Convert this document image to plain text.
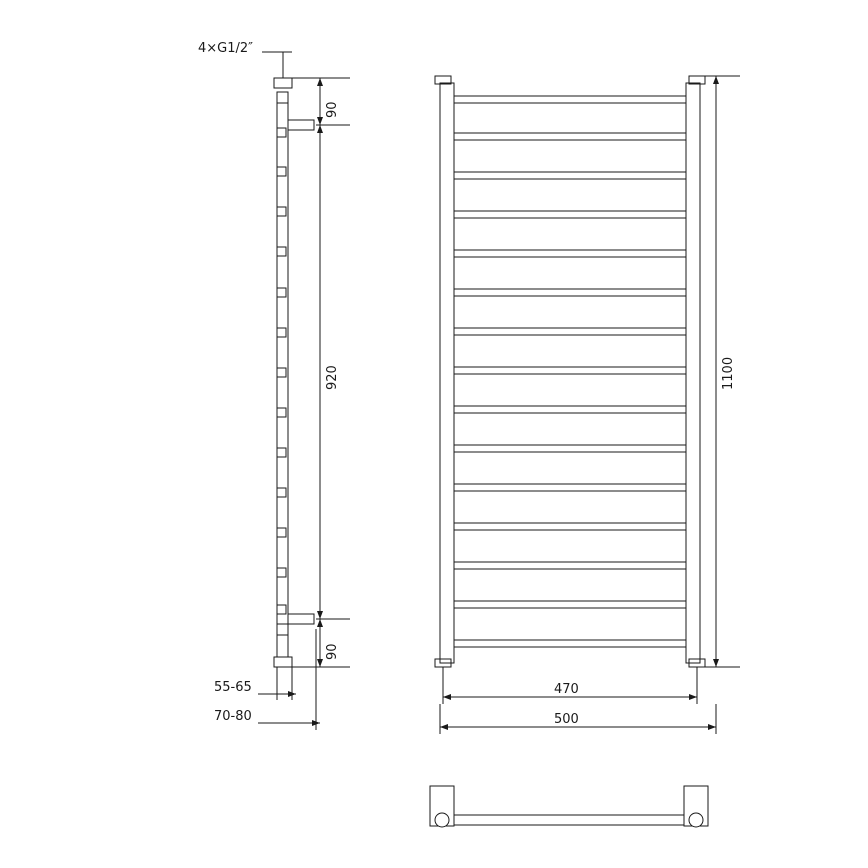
90
920
90
55-65
70-80
4×G1/2″
1100
470
500
